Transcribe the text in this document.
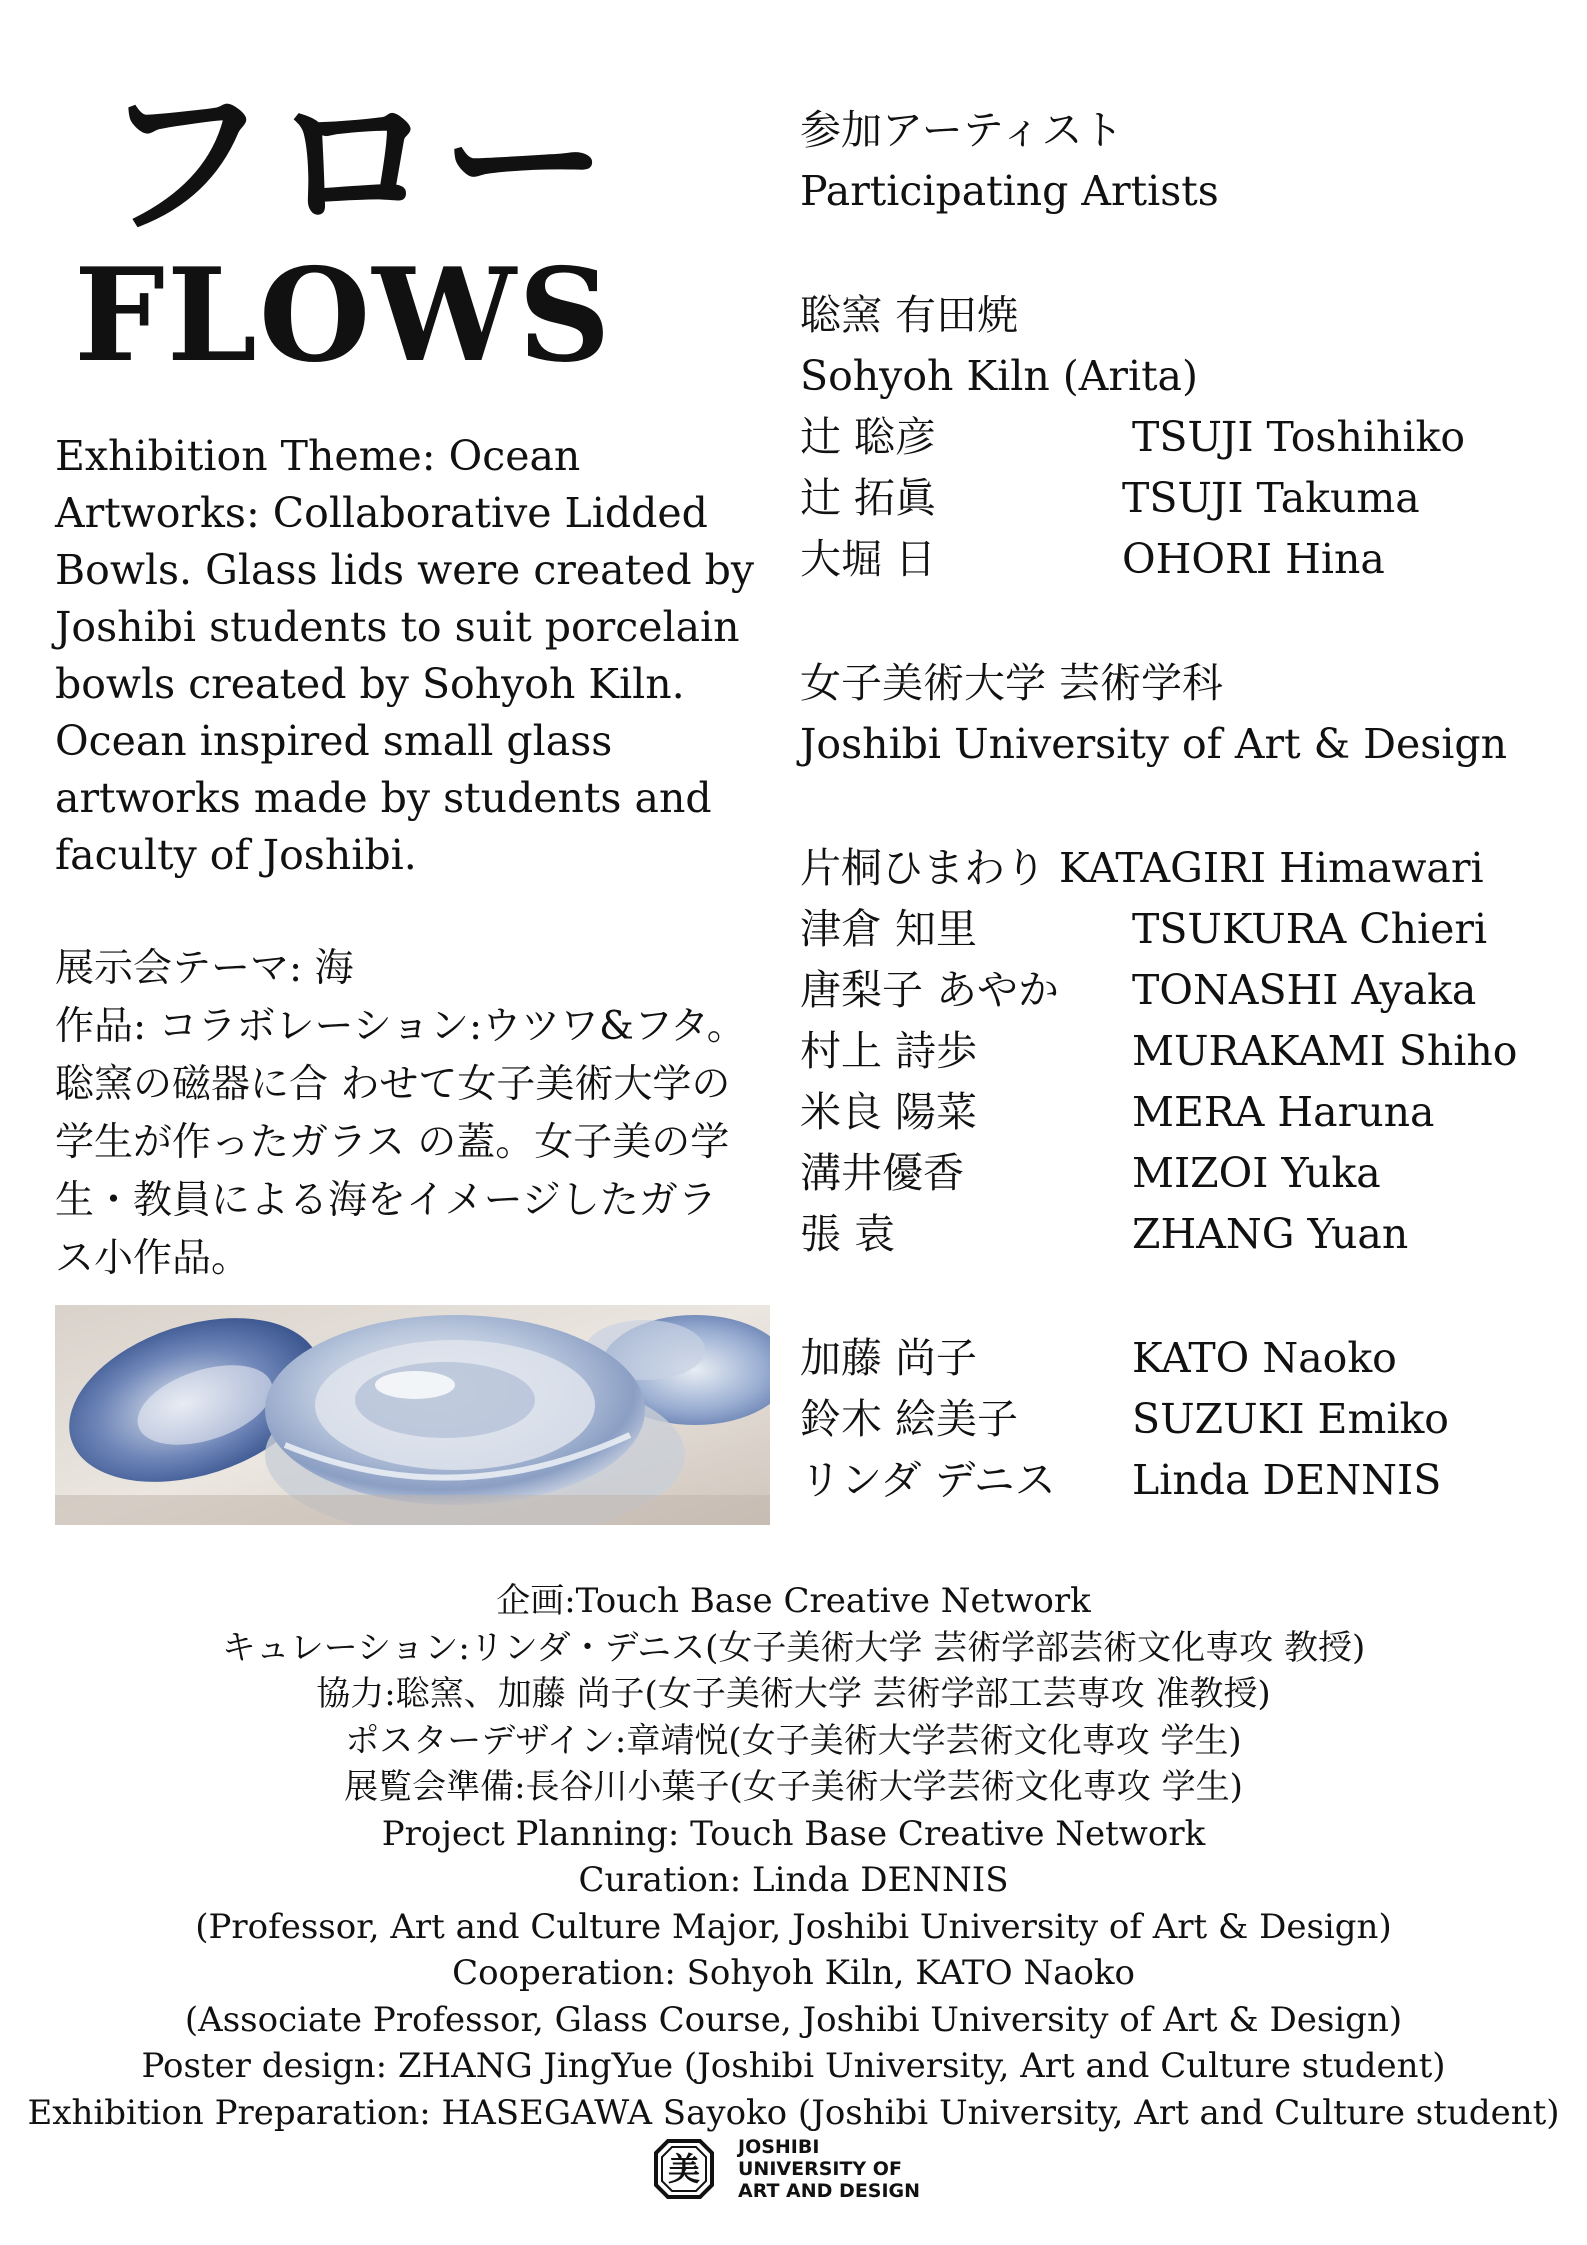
フロー
FLOWS
Exhibition Theme: Ocean
Artworks: Collaborative Lidded
Bowls. Glass lids were created by
Joshibi students to suit porcelain
bowls created by Sohyoh Kiln.
Ocean inspired small glass
artworks made by students and
faculty of Joshibi.
展示会テーマ: 海
作品: コラボレーション:ウツワ&フタ。
聡窯の磁器に合 わせて女子美術大学の
学生が作ったガラス の蓋。女子美の学
生・教員による海をイメージしたガラ
ス小作品。
参加アーティスト
Participating Artists
聡窯 有田焼
Sohyoh Kiln (Arita)
辻 聡彦	TSUJI Toshihiko
辻 拓眞	TSUJI Takuma
大堀 日	OHORI Hina
女子美術大学 芸術学科
Joshibi University of Art & Design
片桐ひまわり KATAGIRI Himawari
津倉 知里	TSUKURA Chieri
唐梨子 あやか TONASHI Ayaka
村上 詩歩	MURAKAMI Shiho
米良 陽菜	MERA Haruna
溝井優香	MIZOI Yuka
張 袁	ZHANG Yuan
加藤 尚子	KATO Naoko
鈴木 絵美子	SUZUKI Emiko
リンダ デニス Linda DENNIS
企画:Touch Base Creative Network
キュレーション:リンダ・デニス(女子美術大学 芸術学部芸術文化専攻 教授)
協力:聡窯、加藤 尚子(女子美術大学 芸術学部工芸専攻 准教授)
ポスターデザイン:章靖悦(女子美術大学芸術文化専攻 学生)
展覧会準備:長谷川小葉子(女子美術大学芸術文化専攻 学生)
Project Planning: Touch Base Creative Network
Curation: Linda DENNIS
(Professor, Art and Culture Major, Joshibi University of Art & Design)
Cooperation: Sohyoh Kiln, KATO Naoko
(Associate Professor, Glass Course, Joshibi University of Art & Design)
Poster design: ZHANG JingYue (Joshibi University, Art and Culture student)
Exhibition Preparation: HASEGAWA Sayoko (Joshibi University, Art and Culture student)
美
JOSHIBI
UNIVERSITY OF
ART AND DESIGN
